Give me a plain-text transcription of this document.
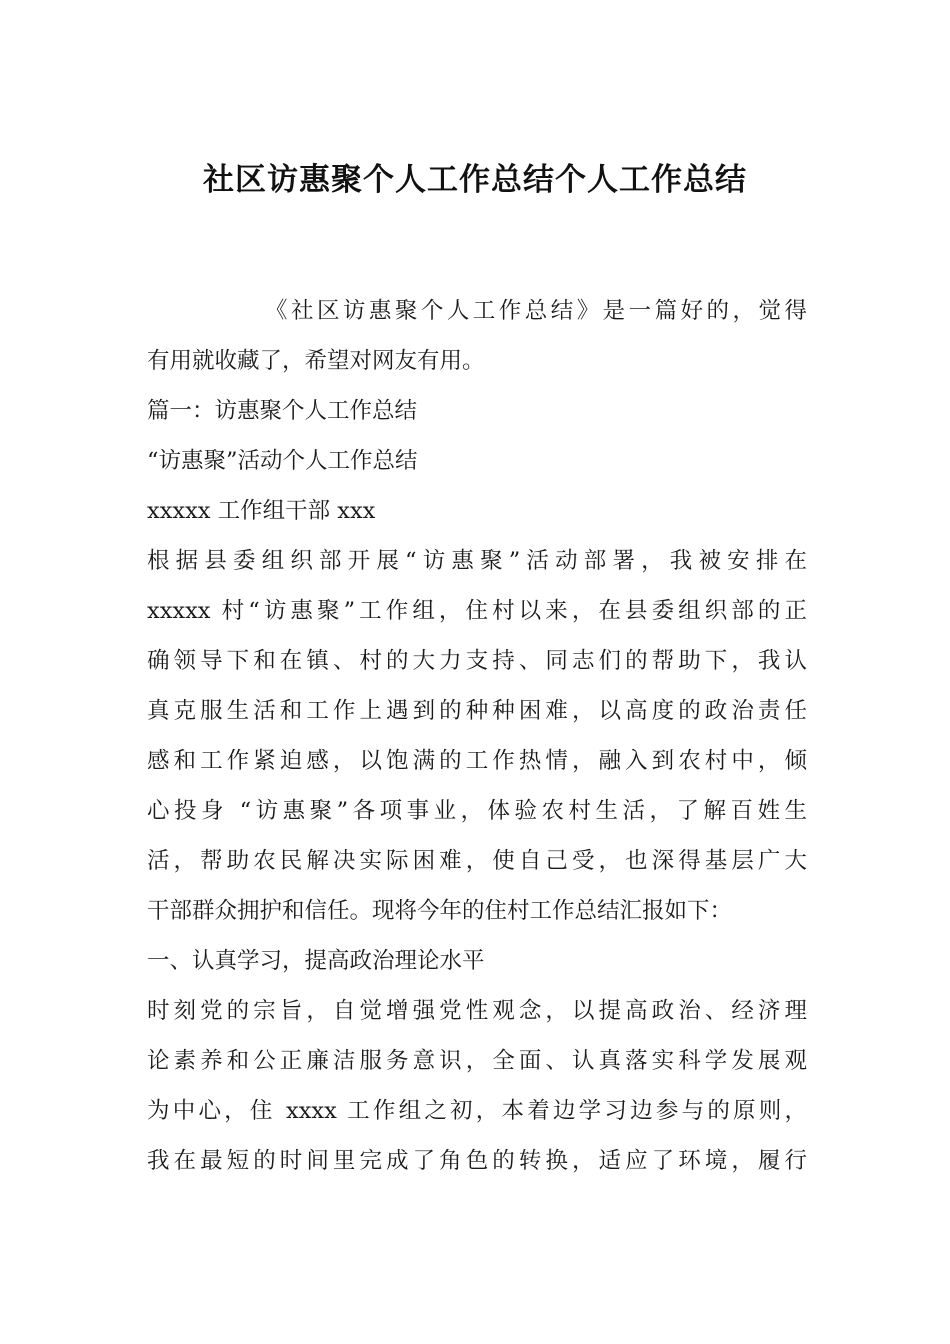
社区访惠聚个人工作总结个人工作总结
《社区访惠聚个人工作总结》是一篇好的，觉得
有用就收藏了，希望对网友有用。
篇一：访惠聚个人工作总结
“访惠聚”活动个人工作总结
xxxxx 工作组干部 xxx
根据县委组织部开展“访惠聚”活动部署，我被安排在
xxxxx 村“访惠聚”工作组，住村以来，在县委组织部的正
确领导下和在镇、村的大力支持、同志们的帮助下，我认
真克服生活和工作上遇到的种种困难，以高度的政治责任
感和工作紧迫感，以饱满的工作热情，融入到农村中，倾
心投身 “访惠聚”各项事业，体验农村生活，了解百姓生
活，帮助农民解决实际困难，使自己受，也深得基层广大
干部群众拥护和信任。现将今年的住村工作总结汇报如下：
一、认真学习，提高政治理论水平
时刻党的宗旨，自觉增强党性观念，以提高政治、经济理
论素养和公正廉洁服务意识，全面、认真落实科学发展观
为中心，住 xxxx 工作组之初，本着边学习边参与的原则，
我在最短的时间里完成了角色的转换，适应了环境，履行
